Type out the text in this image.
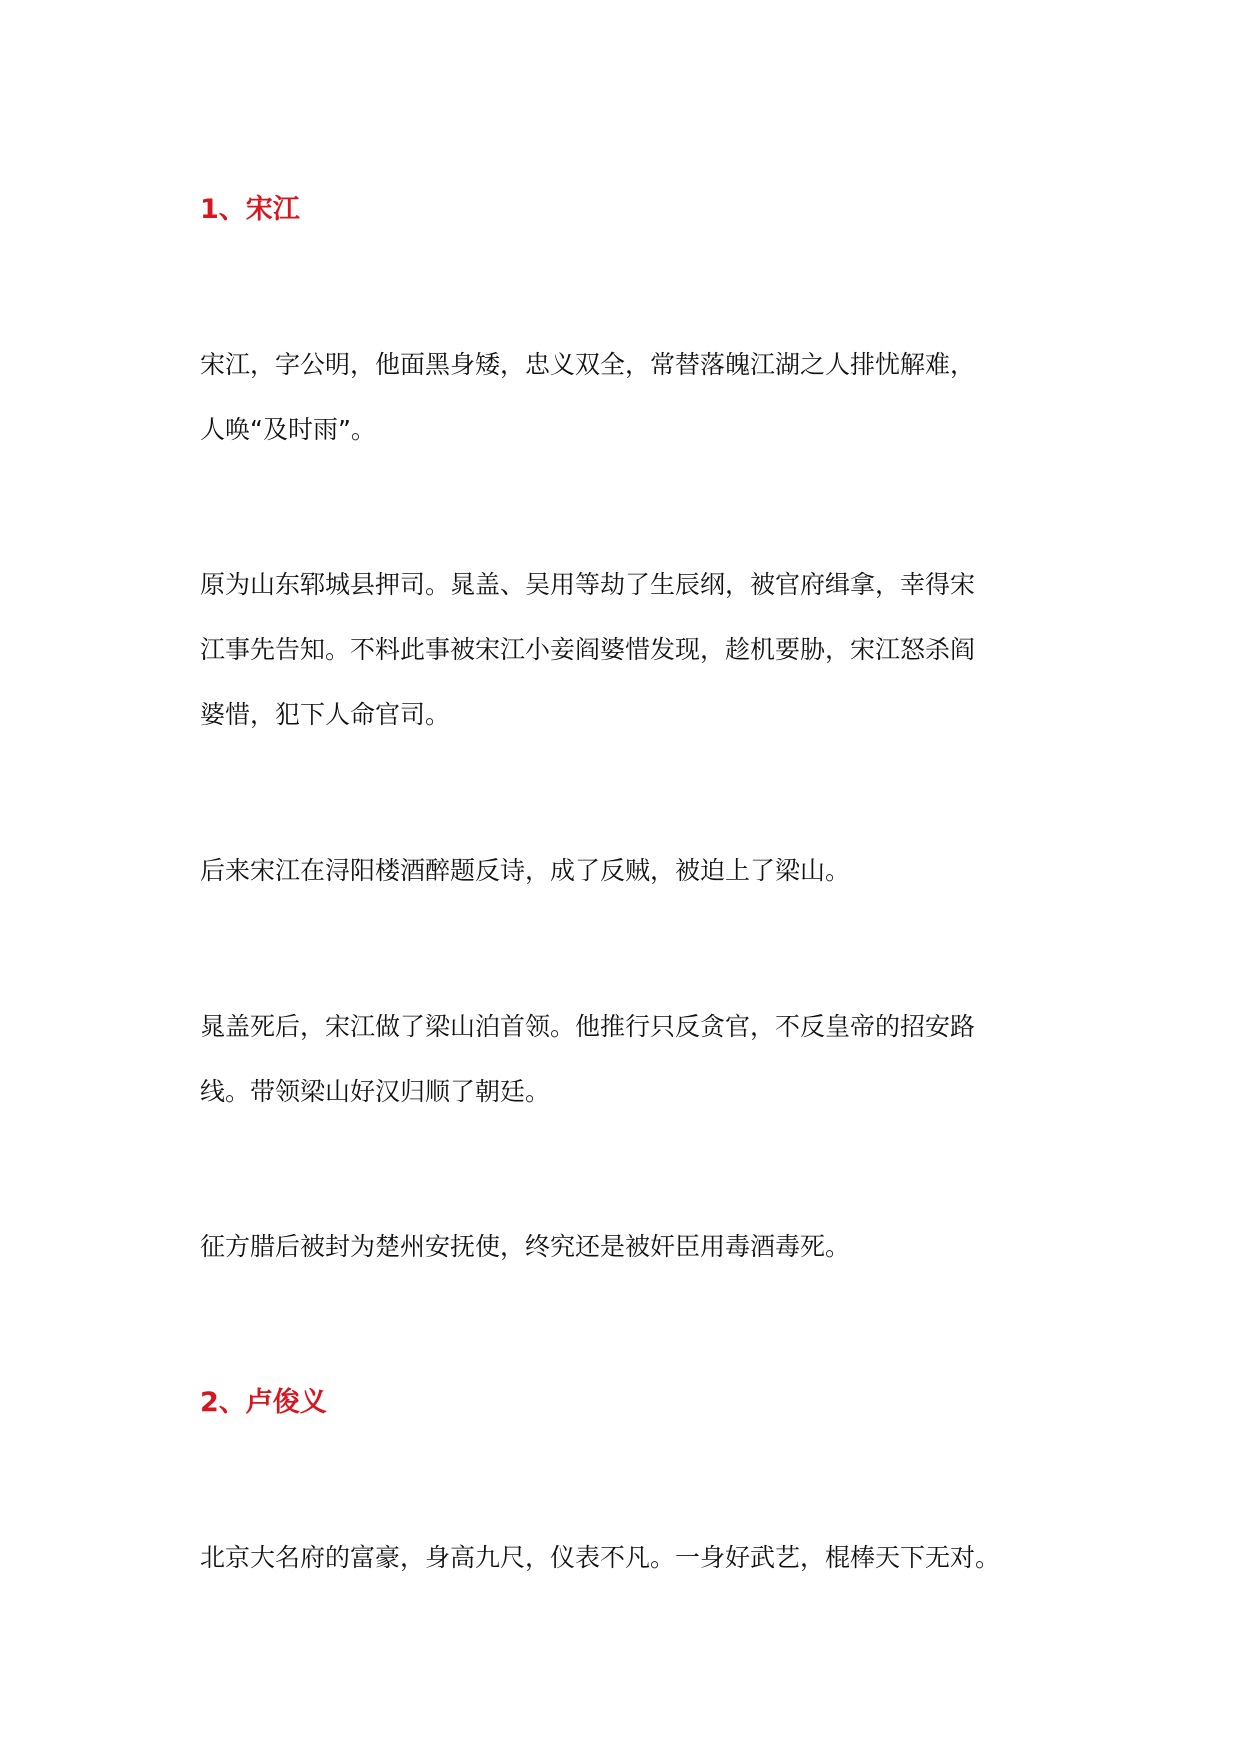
1、宋江
宋江，字公明，他面黑身矮，忠义双全，常替落魄江湖之人排忧解难，
人唤“及时雨”。
原为山东郓城县押司。晁盖、吴用等劫了生辰纲，被官府缉拿，幸得宋
江事先告知。不料此事被宋江小妾阎婆惜发现，趁机要胁，宋江怒杀阎
婆惜，犯下人命官司。
后来宋江在浔阳楼酒醉题反诗，成了反贼，被迫上了梁山。
晁盖死后，宋江做了梁山泊首领。他推行只反贪官，不反皇帝的招安路
线。带领梁山好汉归顺了朝廷。
征方腊后被封为楚州安抚使，终究还是被奸臣用毒酒毒死。
2、卢俊义
北京大名府的富豪，身高九尺，仪表不凡。一身好武艺，棍棒天下无对。
